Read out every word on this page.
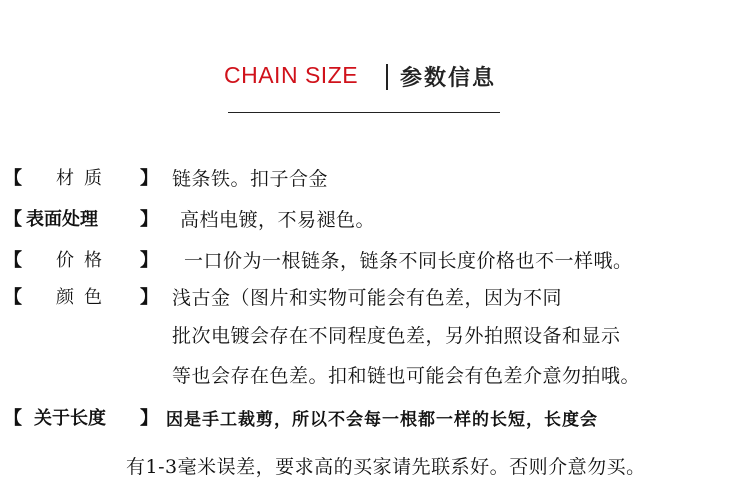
CHAIN SIZE 参数信息
【 材质 】 链条铁。扣子合金
【 表面处理 】 高档电镀，不易褪色。
【 价格 】 一口价为一根链条，链条不同长度价格也不一样哦。
【 颜色 】 浅古金（图片和实物可能会有色差，因为不同
批次电镀会存在不同程度色差，另外拍照设备和显示
等也会存在色差。扣和链也可能会有色差介意勿拍哦。
【 关于长度 】 因是手工裁剪，所以不会每一根都一样的长短，长度会
有1-3毫米误差，要求高的买家请先联系好。否则介意勿买。
